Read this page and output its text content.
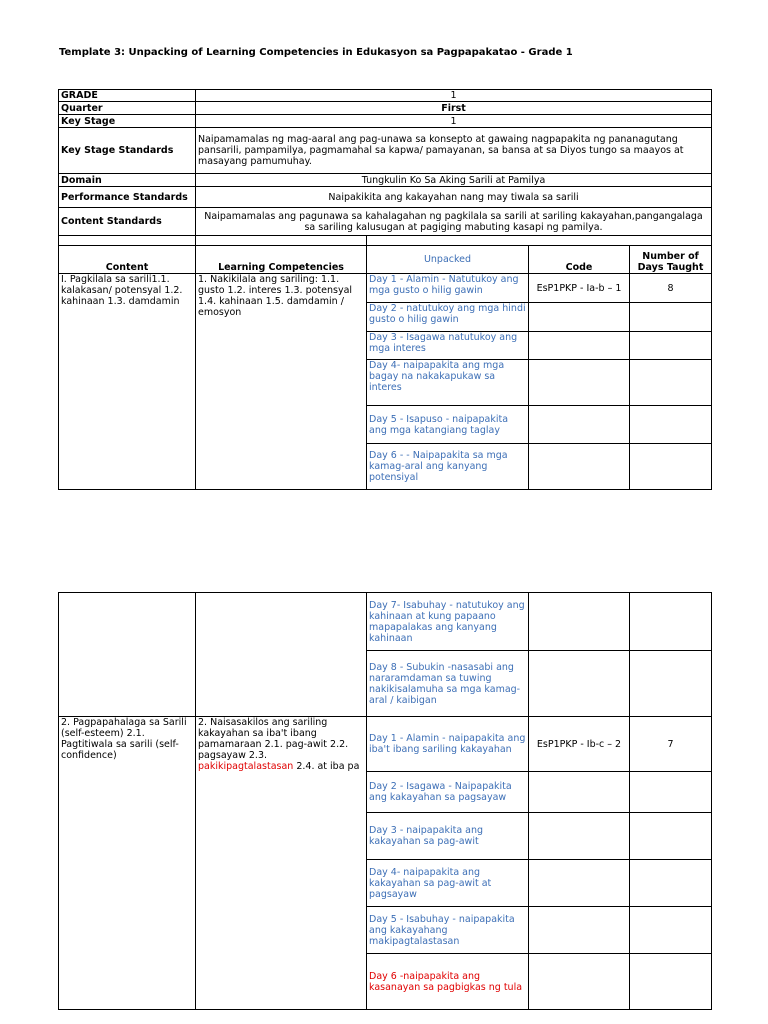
Template 3: Unpacking of Learning Competencies in Edukasyon sa Pagpapakatao - Grade 1
GRADE	1			
Quarter	First			
Key Stage	1			
Key Stage Standards	Naipamamalas ng mag-aaral ang pag-unawa sa konsepto at gawaing nagpapakita ng pananagutang pansarili, pampamilya, pagmamahal sa kapwa/ pamayanan, sa bansa at sa Diyos tungo sa maayos at masayang pamumuhay.			
Domain	Tungkulin Ko Sa Aking Sarili at Pamilya			
Performance Standards	Naipakikita ang kakayahan nang may tiwala sa sarili			
Content Standards	Naipamamalas ang pagunawa sa kahalagahan ng pagkilala sa sarili at sariling kakayahan,pangangalaga sa sariling kalusugan at pagiging mabuting kasapi ng pamilya.			

Content	Learning Competencies	Unpacked	Code	Number of Days Taught
I. Pagkilala sa sarili1.1. kalakasan/ potensyal 1.2. kahinaan 1.3. damdamin	1. Nakikilala ang sariling: 1.1. gusto 1.2. interes 1.3. potensyal 1.4. kahinaan 1.5. damdamin / emosyon	Day 1 - Alamin - Natutukoy ang mga gusto o hilig gawin	EsP1PKP - Ia-b – 1	8
		Day 2 - natutukoy ang mga hindi gusto o hilig gawin		
		Day 3 - Isagawa natutukoy ang mga interes		
		Day 4- naipapakita ang mga bagay na nakakapukaw sa interes		
		Day 5 - Isapuso - naipapakita ang mga katangiang taglay		
		Day 6 - - Naipapakita sa mga kamag-aral ang kanyang potensiyal		
		Day 7- Isabuhay - natutukoy ang kahinaan at kung papaano mapapalakas ang kanyang kahinaan		
		Day 8 - Subukin -nasasabi ang nararamdaman sa tuwing nakikisalamuha sa mga kamag-aral / kaibigan		
2. Pagpapahalaga sa Sarili (self-esteem) 2.1. Pagtitiwala sa sarili (self-confidence)	2. Naisasakilos ang sariling kakayahan sa iba't ibang pamamaraan 2.1. pag-awit 2.2. pagsayaw 2.3. pakikipagtalastasan 2.4. at iba pa	Day 1 - Alamin - naipapakita ang iba't ibang sariling kakayahan	EsP1PKP - Ib-c – 2	7
		Day 2 - Isagawa - Naipapakita ang kakayahan sa pagsayaw		
		Day 3 - naipapakita ang kakayahan sa pag-awit		
		Day 4- naipapakita ang kakayahan sa pag-awit at pagsayaw		
		Day 5 - Isabuhay - naipapakita ang kakayahang makipagtalastasan		
		Day 6 -naipapakita ang kasanayan sa pagbigkas ng tula		
